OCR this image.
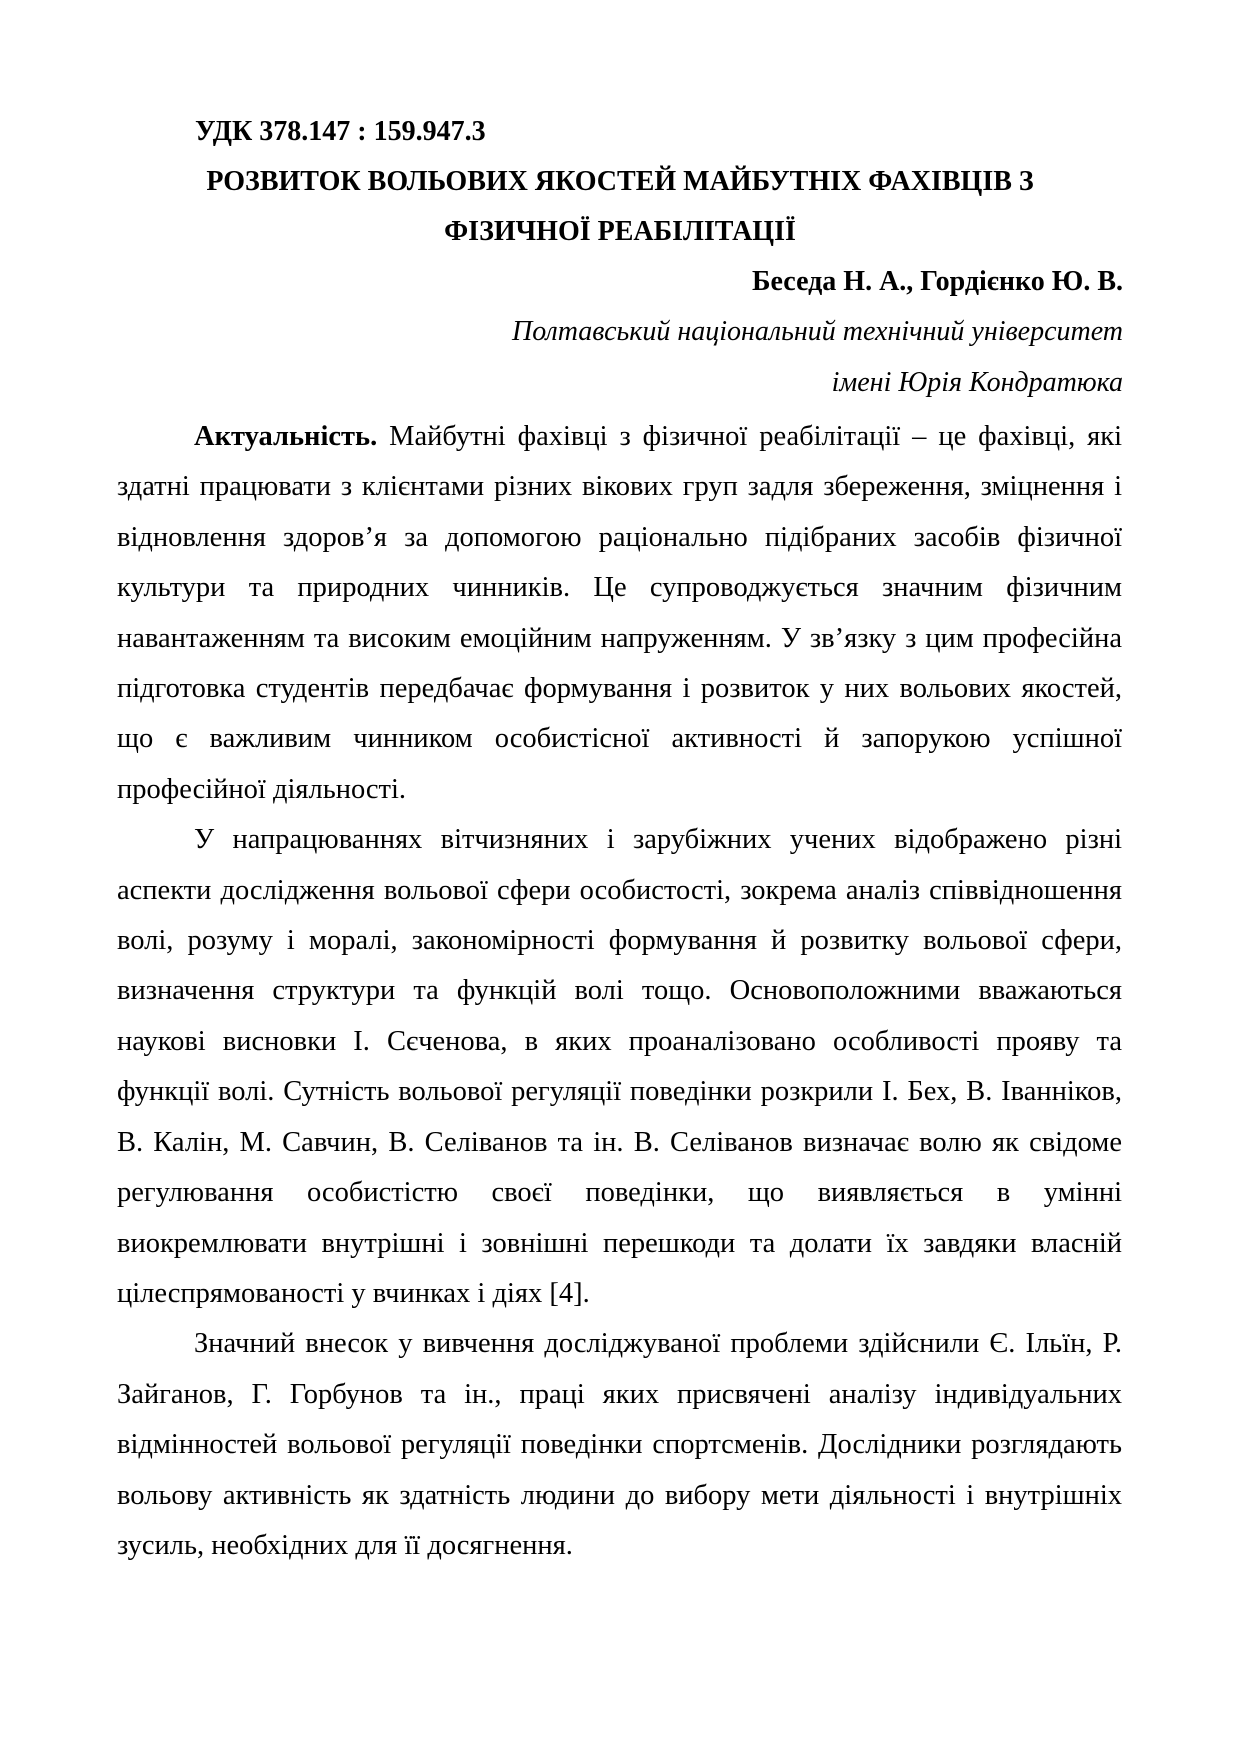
УДК 378.147 : 159.947.3
РОЗВИТОК ВОЛЬОВИХ ЯКОСТЕЙ МАЙБУТНІХ ФАХІВЦІВ З
ФІЗИЧНОЇ РЕАБІЛІТАЦІЇ
Беседа Н. А., Гордієнко Ю. В.
Полтавський національний технічний університет
імені Юрія Кондратюка

Актуальність. Майбутні фахівці з фізичної реабілітації – це фахівці, які здатні працювати з клієнтами різних вікових груп задля збереження, зміцнення і відновлення здоров’я за допомогою раціонально підібраних засобів фізичної культури та природних чинників. Це супроводжується значним фізичним навантаженням та високим емоційним напруженням. У зв’язку з цим професійна підготовка студентів передбачає формування і розвиток у них вольових якостей, що є важливим чинником особистісної активності й запорукою успішної професійної діяльності.

У напрацюваннях вітчизняних і зарубіжних учених відображено різні аспекти дослідження вольової сфери особистості, зокрема аналіз співвідношення волі, розуму і моралі, закономірності формування й розвитку вольової сфери, визначення структури та функцій волі тощо. Основоположними вважаються наукові висновки І. Сєченова, в яких проаналізовано особливості прояву та функції волі. Сутність вольової регуляції поведінки розкрили І. Бех, В. Іванніков, В. Калін, М. Савчин, В. Селіванов та ін. В. Селіванов визначає волю як свідоме регулювання особистістю своєї поведінки, що виявляється в умінні виокремлювати внутрішні і зовнішні перешкоди та долати їх завдяки власній цілеспрямованості у вчинках і діях [4].

Значний внесок у вивчення досліджуваної проблеми здійснили Є. Ільїн, Р. Зайганов, Г. Горбунов та ін., праці яких присвячені аналізу індивідуальних відмінностей вольової регуляції поведінки спортсменів. Дослідники розглядають вольову активність як здатність людини до вибору мети діяльності і внутрішніх зусиль, необхідних для її досягнення.
